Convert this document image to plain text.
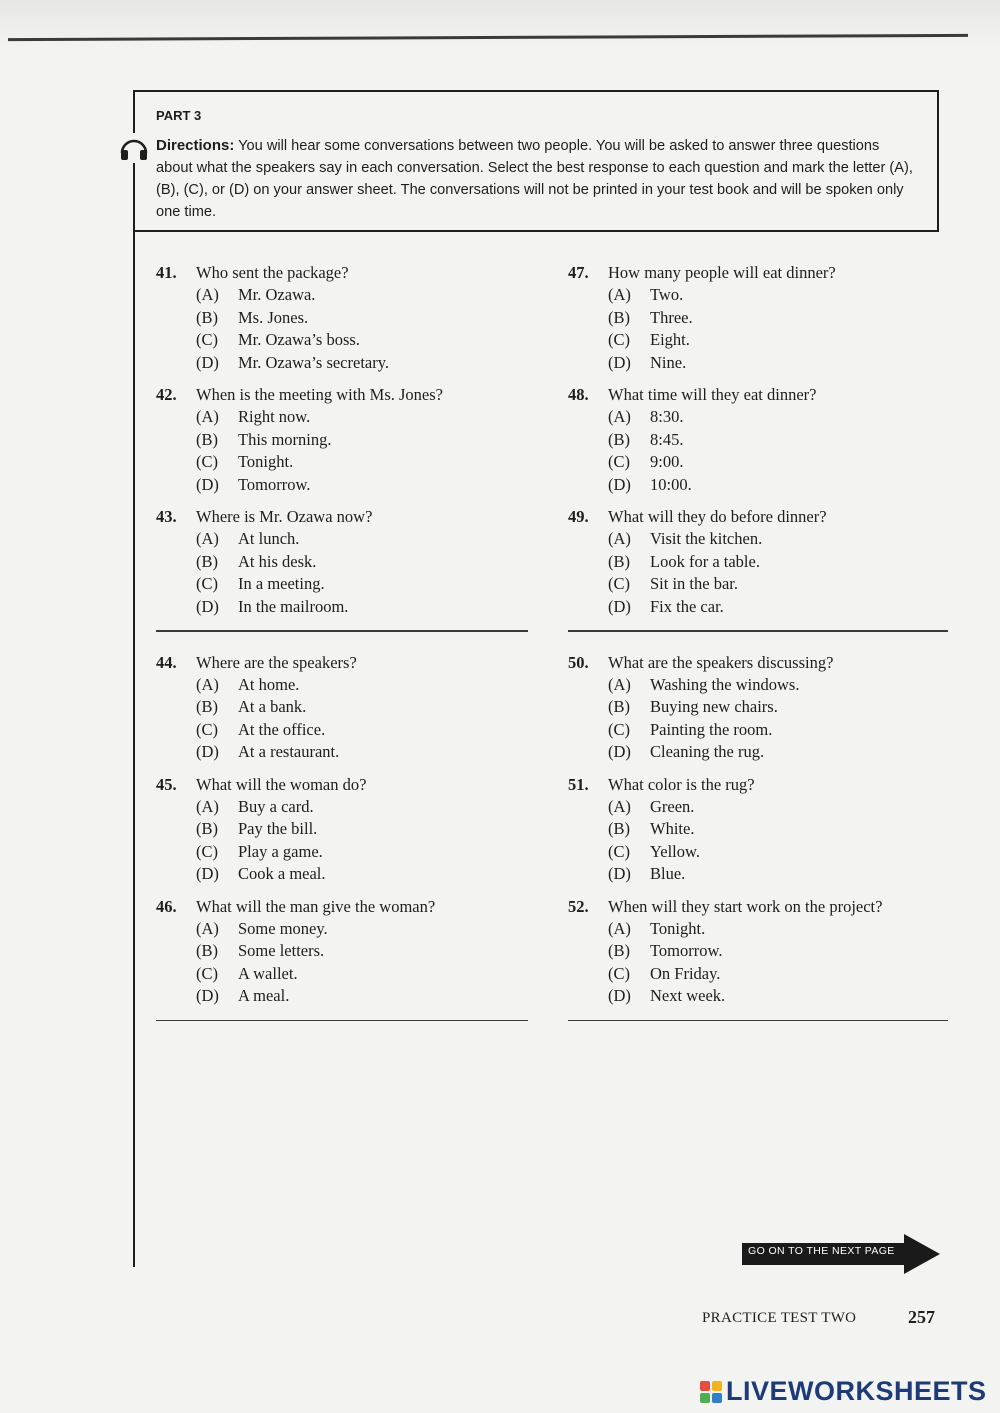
PART 3
Directions: You will hear some conversations between two people. You will be asked to answer three questions about what the speakers say in each conversation. Select the best response to each question and mark the letter (A), (B), (C), or (D) on your answer sheet. The conversations will not be printed in your test book and will be spoken only one time.
41.	Who sent the package?
(A)	Mr. Ozawa.
(B)	Ms. Jones.
(C)	Mr. Ozawa’s boss.
(D)	Mr. Ozawa’s secretary.
42.	When is the meeting with Ms. Jones?
(A)	Right now.
(B)	This morning.
(C)	Tonight.
(D)	Tomorrow.
43.	Where is Mr. Ozawa now?
(A)	At lunch.
(B)	At his desk.
(C)	In a meeting.
(D)	In the mailroom.
44.	Where are the speakers?
(A)	At home.
(B)	At a bank.
(C)	At the office.
(D)	At a restaurant.
45.	What will the woman do?
(A)	Buy a card.
(B)	Pay the bill.
(C)	Play a game.
(D)	Cook a meal.
46.	What will the man give the woman?
(A)	Some money.
(B)	Some letters.
(C)	A wallet.
(D)	A meal.
47.	How many people will eat dinner?
(A)	Two.
(B)	Three.
(C)	Eight.
(D)	Nine.
48.	What time will they eat dinner?
(A)	8:30.
(B)	8:45.
(C)	9:00.
(D)	10:00.
49.	What will they do before dinner?
(A)	Visit the kitchen.
(B)	Look for a table.
(C)	Sit in the bar.
(D)	Fix the car.
50.	What are the speakers discussing?
(A)	Washing the windows.
(B)	Buying new chairs.
(C)	Painting the room.
(D)	Cleaning the rug.
51.	What color is the rug?
(A)	Green.
(B)	White.
(C)	Yellow.
(D)	Blue.
52.	When will they start work on the project?
(A)	Tonight.
(B)	Tomorrow.
(C)	On Friday.
(D)	Next week.
GO ON TO THE NEXT PAGE
PRACTICE TEST TWO	257
LIVEWORKSHEETS
